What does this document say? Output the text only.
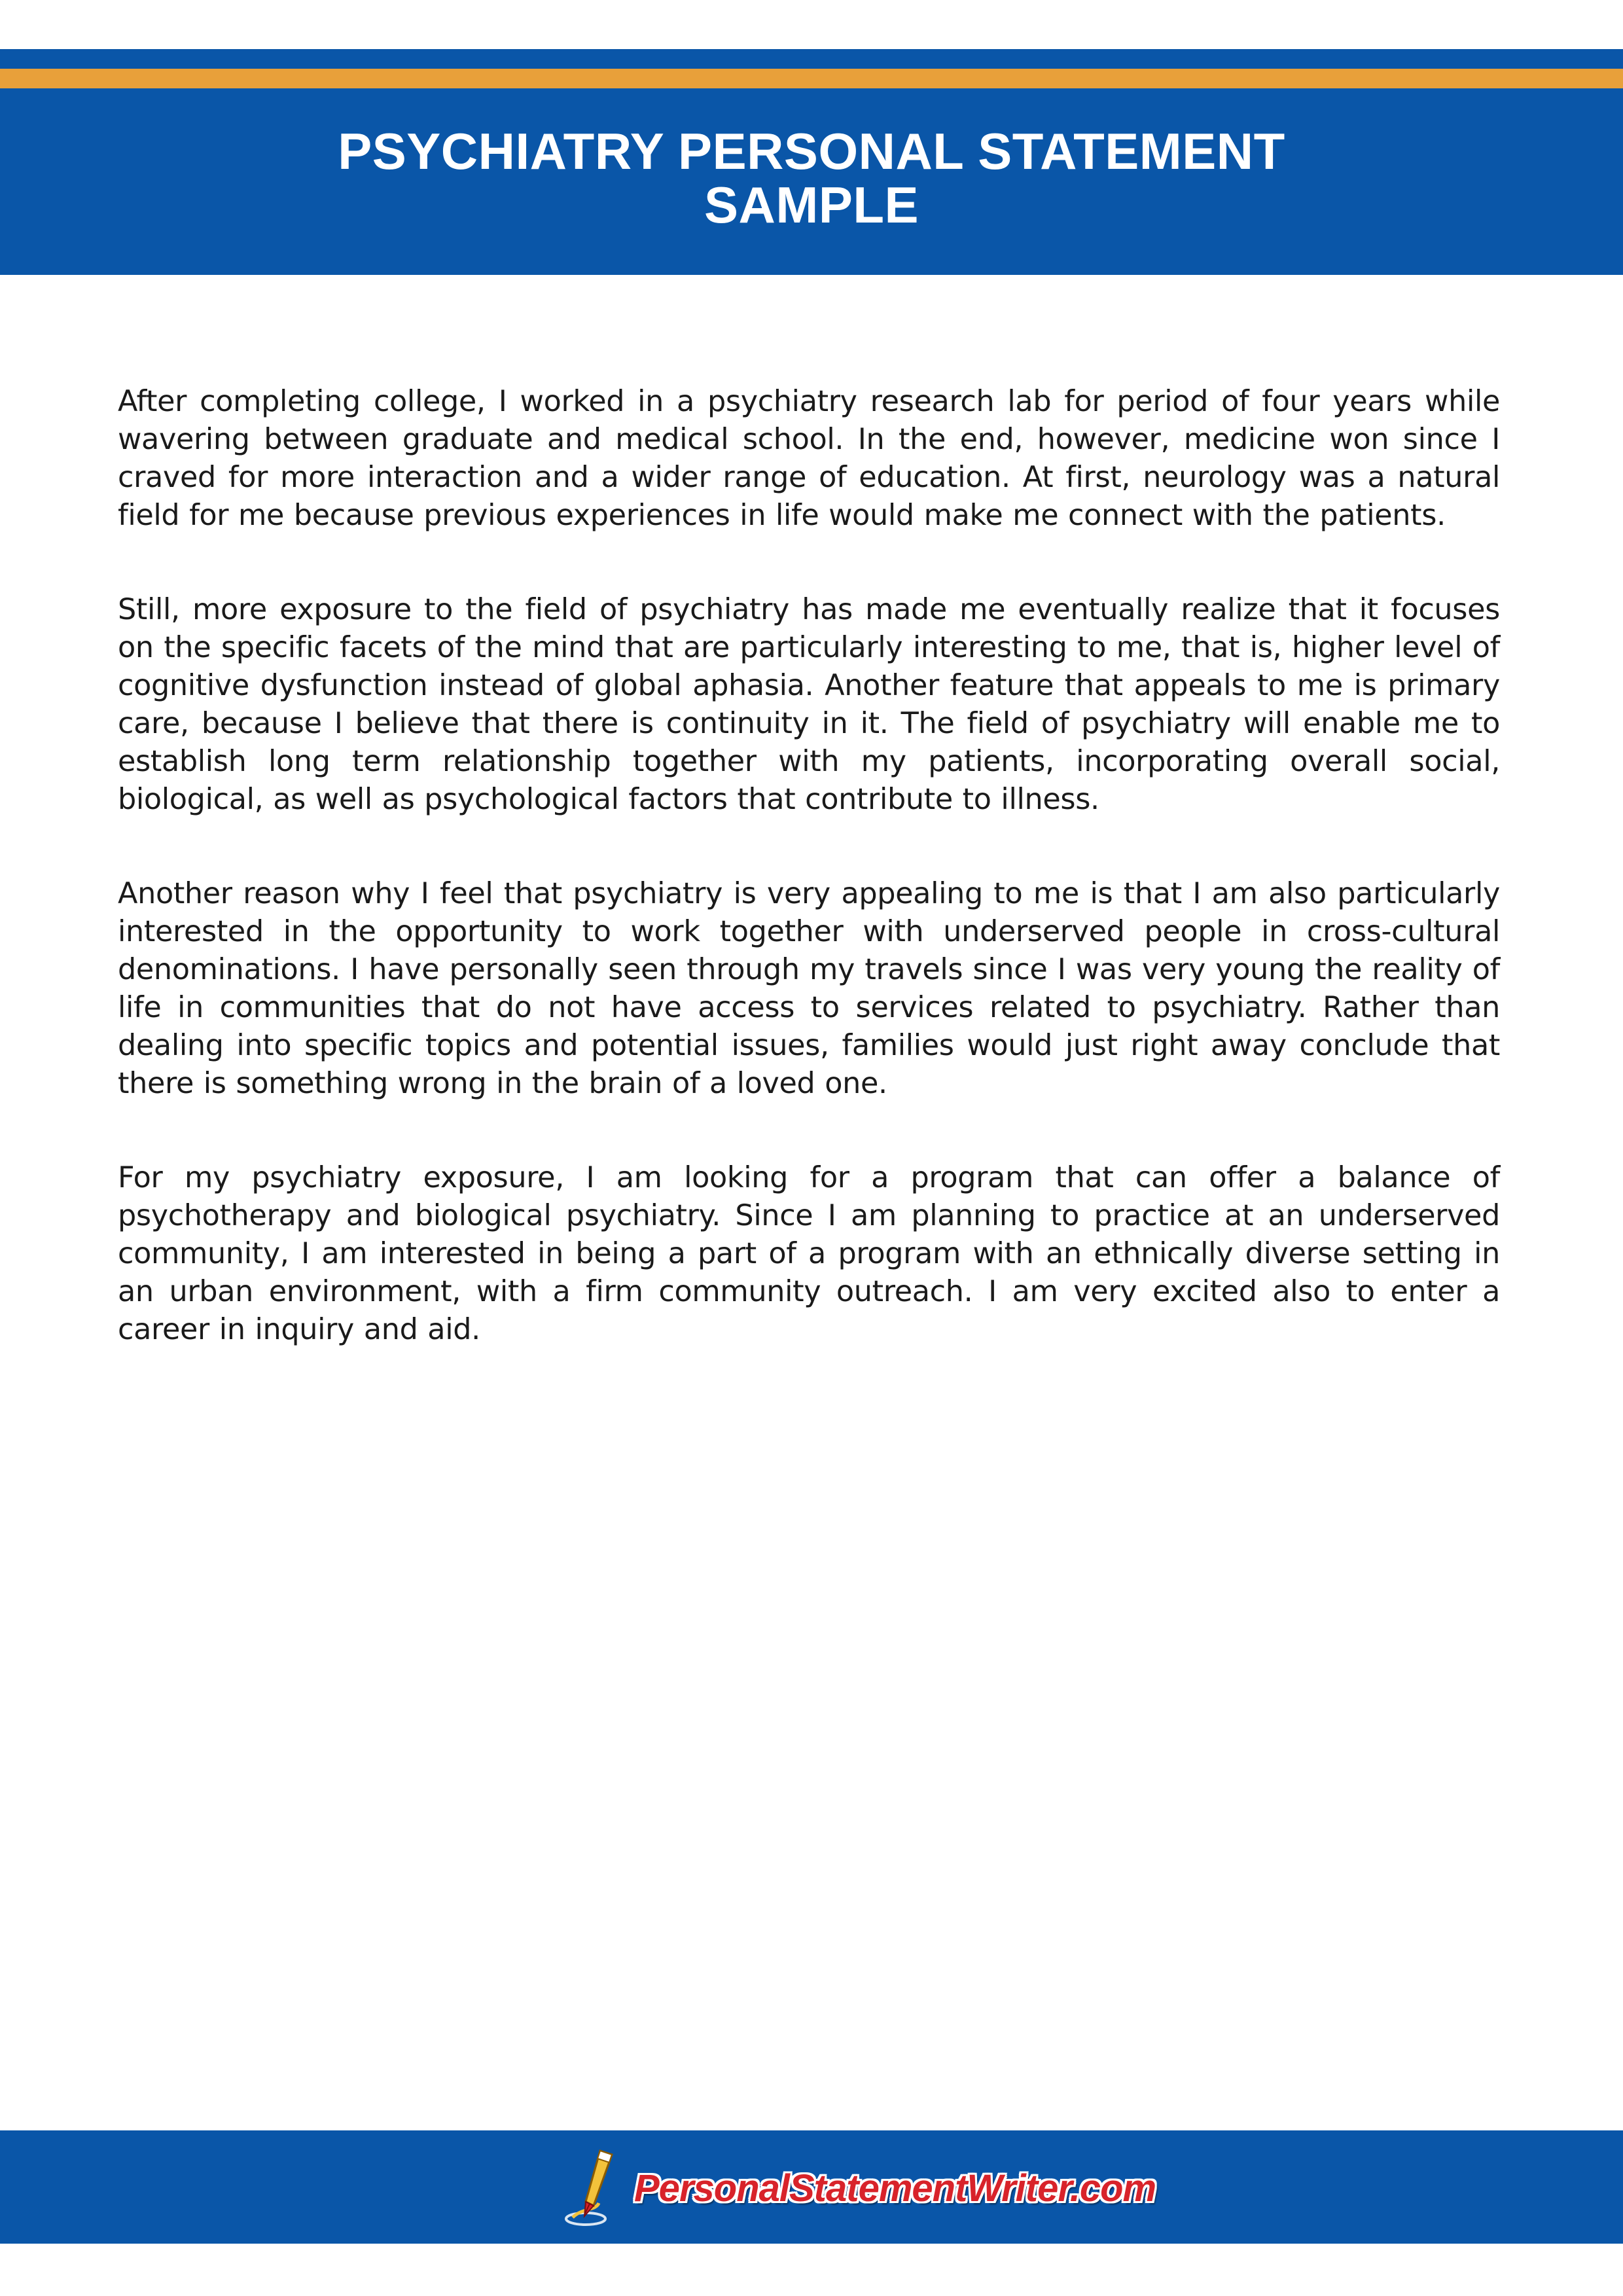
PSYCHIATRY PERSONAL STATEMENT
SAMPLE

After completing college, I worked in a psychiatry research lab for period of four years while wavering between graduate and medical school. In the end, however, medicine won since I craved for more interaction and a wider range of education. At first, neurology was a natural field for me because previous experiences in life would make me connect with the patients.

Still, more exposure to the field of psychiatry has made me eventually realize that it focuses on the specific facets of the mind that are particularly interesting to me, that is, higher level of cognitive dysfunction instead of global aphasia. Another feature that appeals to me is primary care, because I believe that there is continuity in it. The field of psychiatry will enable me to establish long term relationship together with my patients, incorporating overall social, biological, as well as psychological factors that contribute to illness.

Another reason why I feel that psychiatry is very appealing to me is that I am also particularly interested in the opportunity to work together with underserved people in cross-cultural denominations. I have personally seen through my travels since I was very young the reality of life in communities that do not have access to services related to psychiatry. Rather than dealing into specific topics and potential issues, families would just right away conclude that there is something wrong in the brain of a loved one.

For my psychiatry exposure, I am looking for a program that can offer a balance of psychotherapy and biological psychiatry. Since I am planning to practice at an underserved community, I am interested in being a part of a program with an ethnically diverse setting in an urban environment, with a firm community outreach. I am very excited also to enter a career in inquiry and aid.

PersonalStatementWriter.com
